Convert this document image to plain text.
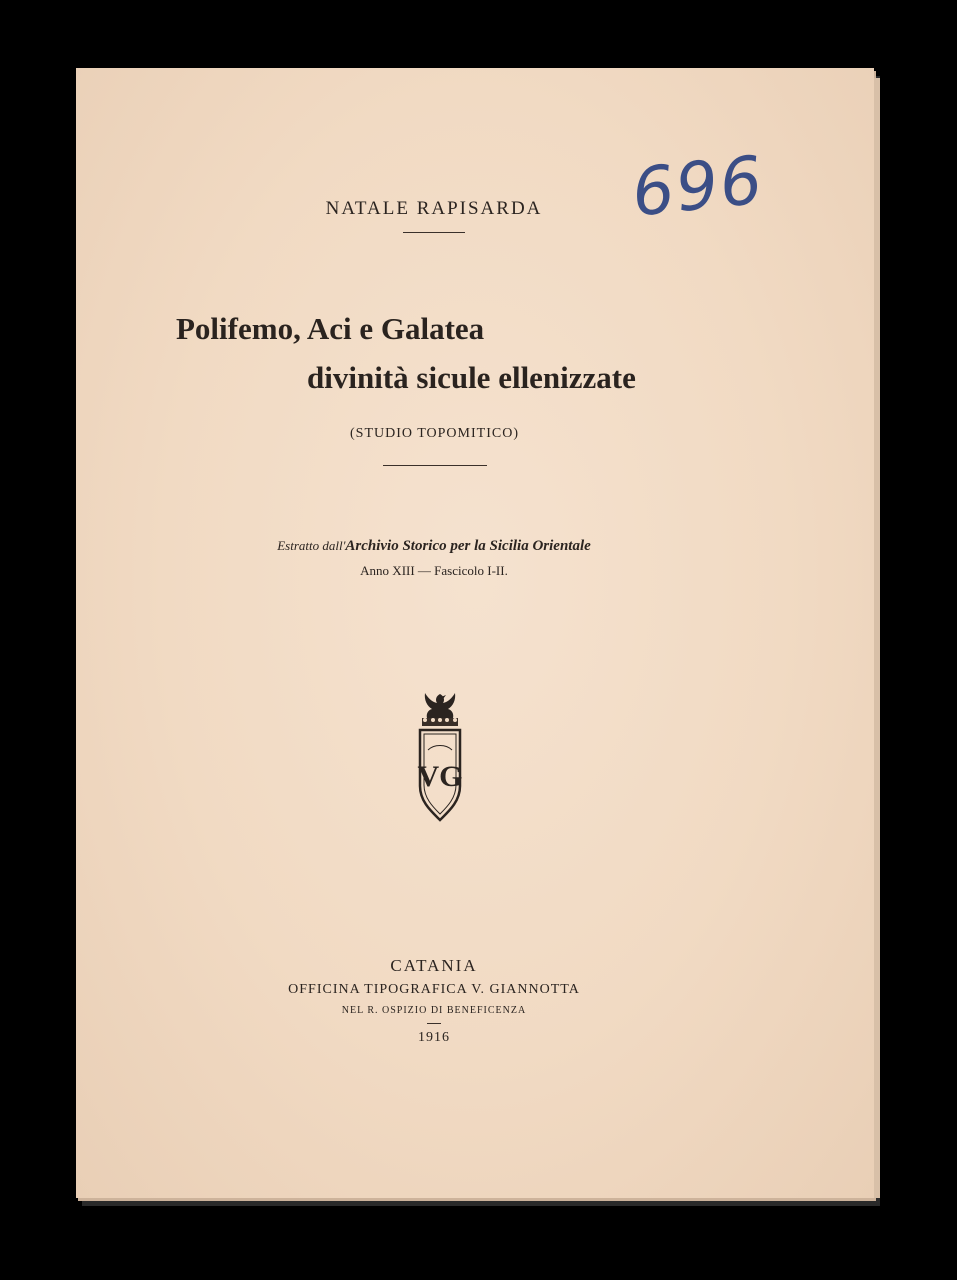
696
NATALE RAPISARDA
Polifemo, Aci e Galatea
divinità sicule ellenizzate
(STUDIO TOPOMITICO)
Estratto dall'Archivio Storico per la Sicilia Orientale
Anno XIII — Fascicolo I-II.
VG
CATANIA
OFFICINA TIPOGRAFICA V. GIANNOTTA
NEL R. OSPIZIO DI BENEFICENZA
1916
